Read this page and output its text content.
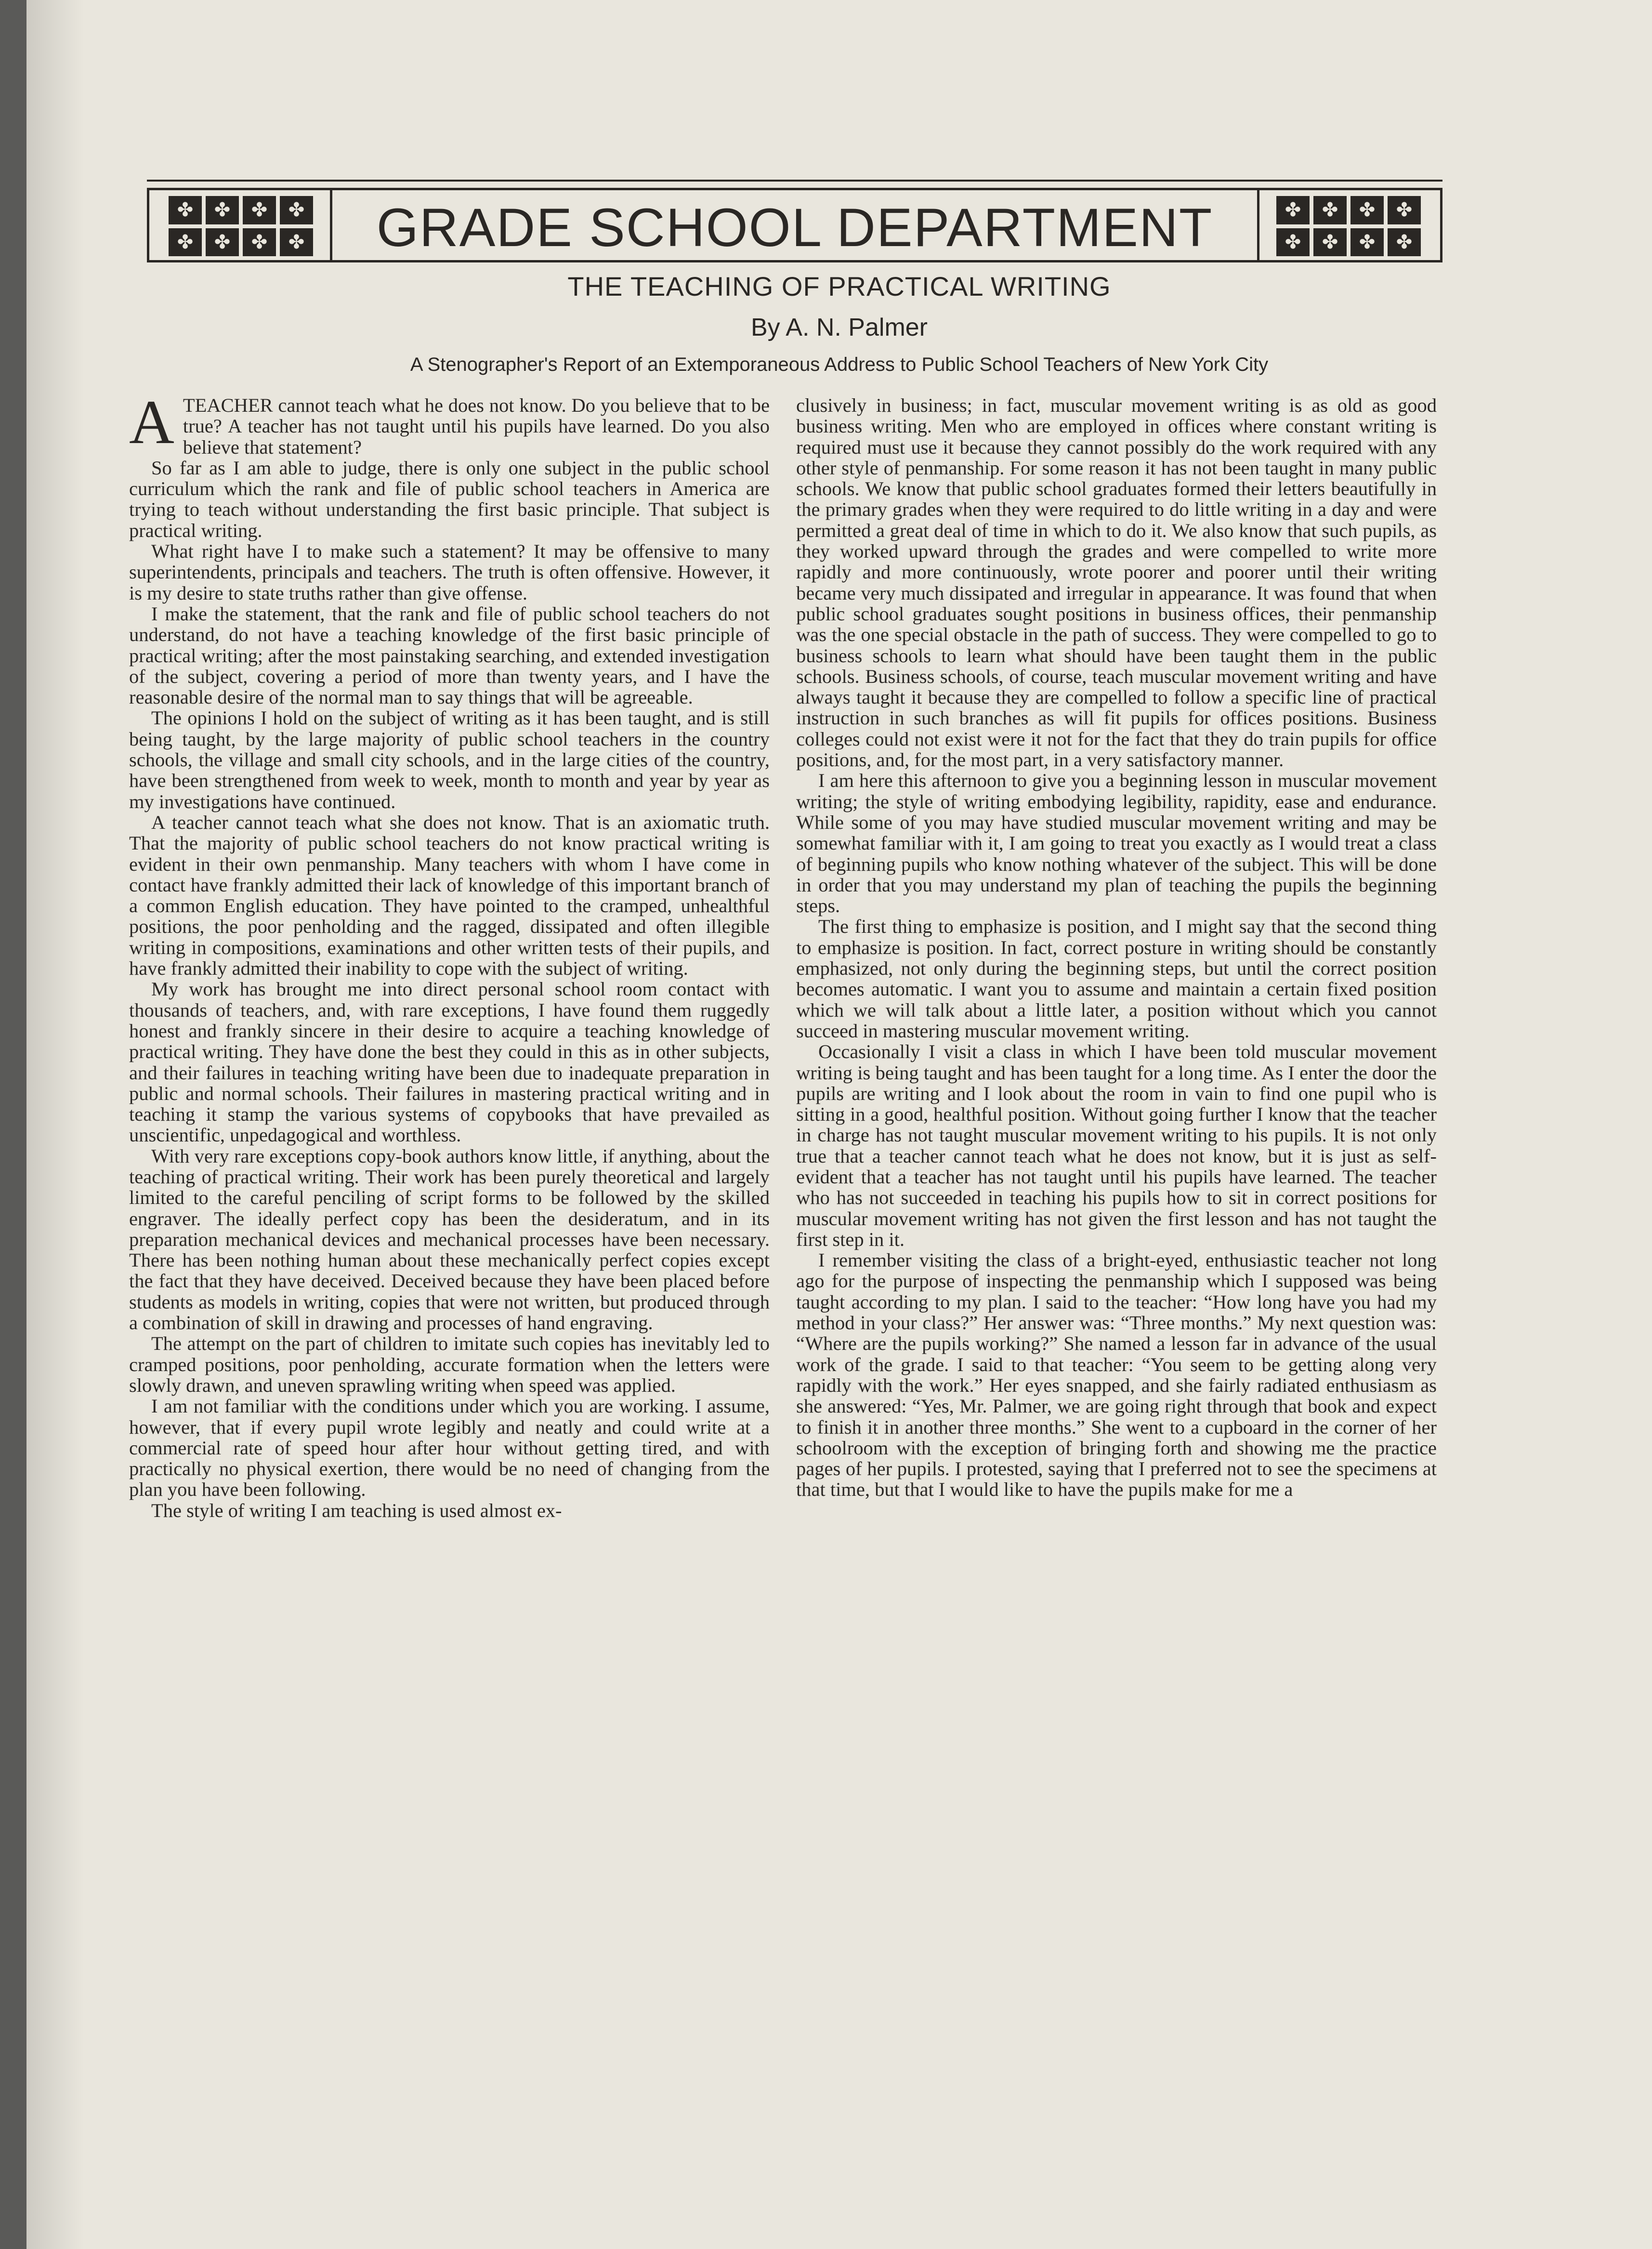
✤
✤
✤
✤
✤
✤
✤
✤
GRADE SCHOOL DEPARTMENT
✤
✤
✤
✤
✤
✤
✤
✤
THE TEACHING OF PRACTICAL WRITING
By A. N. Palmer
A Stenographer's Report of an Extemporaneous Address to Public School Teachers of New York City

ATEACHER cannot teach what he does not know. Do you believe that to be true? A teacher has not taught until his pupils have learned. Do you also believe that statement?

So far as I am able to judge, there is only one subject in the public school curriculum which the rank and file of public school teachers in America are trying to teach without understanding the first basic principle. That subject is practical writing.

What right have I to make such a statement? It may be offensive to many superintendents, principals and teachers. The truth is often offensive. However, it is my desire to state truths rather than give offense.

I make the statement, that the rank and file of public school teachers do not understand, do not have a teaching knowledge of the first basic principle of practical writing; after the most painstaking searching, and extended investigation of the subject, covering a period of more than twenty years, and I have the reasonable desire of the normal man to say things that will be agreeable.

The opinions I hold on the subject of writing as it has been taught, and is still being taught, by the large majority of public school teachers in the country schools, the village and small city schools, and in the large cities of the country, have been strengthened from week to week, month to month and year by year as my investigations have continued.

A teacher cannot teach what she does not know. That is an axiomatic truth. That the majority of public school teachers do not know practical writing is evident in their own penmanship. Many teachers with whom I have come in contact have frankly admitted their lack of knowledge of this important branch of a common English education. They have pointed to the cramped, unhealthful positions, the poor penholding and the ragged, dissipated and often illegible writing in compositions, examinations and other written tests of their pupils, and have frankly admitted their inability to cope with the subject of writing.

My work has brought me into direct personal school room contact with thousands of teachers, and, with rare exceptions, I have found them ruggedly honest and frankly sincere in their desire to acquire a teaching knowledge of practical writing. They have done the best they could in this as in other subjects, and their failures in teaching writing have been due to inadequate preparation in public and normal schools. Their failures in mastering practical writing and in teaching it stamp the various systems of copybooks that have prevailed as unscientific, unpedagogical and worthless.

With very rare exceptions copy-book authors know little, if anything, about the teaching of practical writing. Their work has been purely theoretical and largely limited to the careful penciling of script forms to be followed by the skilled engraver. The ideally perfect copy has been the desideratum, and in its preparation mechanical devices and mechanical processes have been necessary. There has been nothing human about these mechanically perfect copies except the fact that they have deceived. Deceived because they have been placed before students as models in writing, copies that were not written, but produced through a combination of skill in drawing and processes of hand engraving.

The attempt on the part of children to imitate such copies has inevitably led to cramped positions, poor penholding, accurate formation when the letters were slowly drawn, and uneven sprawling writing when speed was applied.

I am not familiar with the conditions under which you are working. I assume, however, that if every pupil wrote legibly and neatly and could write at a commercial rate of speed hour after hour without getting tired, and with practically no physical exertion, there would be no need of changing from the plan you have been following.

The style of writing I am teaching is used almost ex-

clusively in business; in fact, muscular movement writing is as old as good business writing. Men who are employed in offices where constant writing is required must use it because they cannot possibly do the work required with any other style of penmanship. For some reason it has not been taught in many public schools. We know that public school graduates formed their letters beautifully in the primary grades when they were required to do little writing in a day and were permitted a great deal of time in which to do it. We also know that such pupils, as they worked upward through the grades and were compelled to write more rapidly and more continuously, wrote poorer and poorer until their writing became very much dissipated and irregular in appearance. It was found that when public school graduates sought positions in business offices, their penmanship was the one special obstacle in the path of success. They were compelled to go to business schools to learn what should have been taught them in the public schools. Business schools, of course, teach muscular movement writing and have always taught it because they are compelled to follow a specific line of practical instruction in such branches as will fit pupils for offices positions. Business colleges could not exist were it not for the fact that they do train pupils for office positions, and, for the most part, in a very satisfactory manner.

I am here this afternoon to give you a beginning lesson in muscular movement writing; the style of writing embodying legibility, rapidity, ease and endurance. While some of you may have studied muscular movement writing and may be somewhat familiar with it, I am going to treat you exactly as I would treat a class of beginning pupils who know nothing whatever of the subject. This will be done in order that you may understand my plan of teaching the pupils the beginning steps.

The first thing to emphasize is position, and I might say that the second thing to emphasize is position. In fact, correct posture in writing should be constantly emphasized, not only during the beginning steps, but until the correct position becomes automatic. I want you to assume and maintain a certain fixed position which we will talk about a little later, a position without which you cannot succeed in mastering muscular movement writing.

Occasionally I visit a class in which I have been told muscular movement writing is being taught and has been taught for a long time. As I enter the door the pupils are writing and I look about the room in vain to find one pupil who is sitting in a good, healthful position. Without going further I know that the teacher in charge has not taught muscular movement writing to his pupils. It is not only true that a teacher cannot teach what he does not know, but it is just as self-evident that a teacher has not taught until his pupils have learned. The teacher who has not succeeded in teaching his pupils how to sit in correct positions for muscular movement writing has not given the first lesson and has not taught the first step in it.

I remember visiting the class of a bright-eyed, enthusiastic teacher not long ago for the purpose of inspecting the penmanship which I supposed was being taught according to my plan. I said to the teacher: “How long have you had my method in your class?” Her answer was: “Three months.” My next question was: “Where are the pupils working?” She named a lesson far in advance of the usual work of the grade. I said to that teacher: “You seem to be getting along very rapidly with the work.” Her eyes snapped, and she fairly radiated enthusiasm as she answered: “Yes, Mr. Palmer, we are going right through that book and expect to finish it in another three months.” She went to a cupboard in the corner of her schoolroom with the exception of bringing forth and showing me the practice pages of her pupils. I protested, saying that I preferred not to see the specimens at that time, but that I would like to have the pupils make for me a
